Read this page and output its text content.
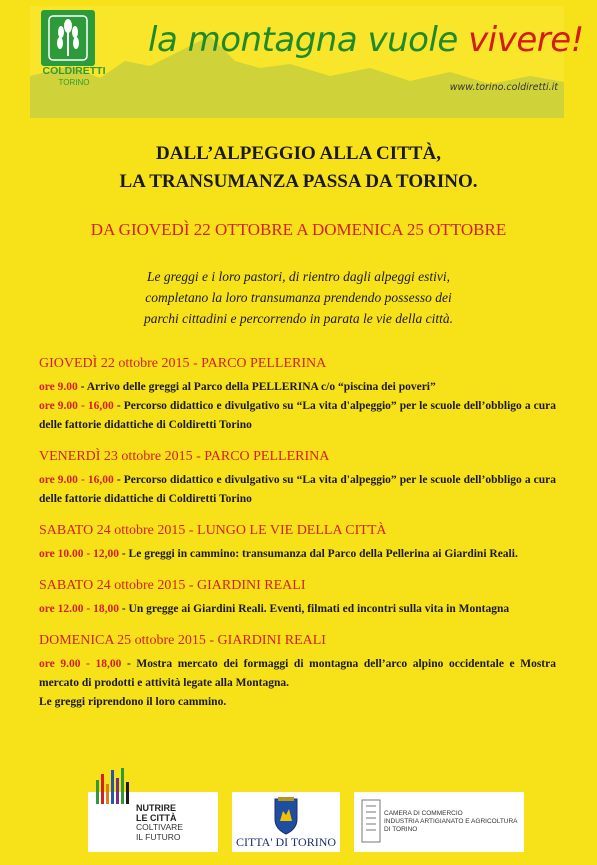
COLDIRETTI
TORINO
la montagna vuole vivere!
www.torino.coldiretti.it
DALL’ALPEGGIO ALLA CITTÀ,
LA TRANSUMANZA PASSA DA TORINO.
DA GIOVEDÌ 22 OTTOBRE A DOMENICA 25 OTTOBRE
Le greggi e i loro pastori, di rientro dagli alpeggi estivi,
completano la loro transumanza prendendo possesso dei
parchi cittadini e percorrendo in parata le vie della città.
GIOVEDÌ 22 ottobre 2015 - PARCO PELLERINA
ore 9.00 - Arrivo delle greggi al Parco della PELLERINA c/o “piscina dei poveri”
ore 9.00 - 16,00 - Percorso didattico e divulgativo su “La vita d'alpeggio” per le scuole dell’obbligo a cura delle fattorie didattiche di Coldiretti Torino
VENERDÌ 23 ottobre 2015 - PARCO PELLERINA
ore 9.00 - 16,00 - Percorso didattico e divulgativo su “La vita d'alpeggio” per le scuole dell’obbligo a cura delle fattorie didattiche di Coldiretti Torino
SABATO 24 ottobre 2015 - LUNGO LE VIE DELLA CITTÀ
ore 10.00 - 12,00 - Le greggi in cammino: transumanza dal Parco della Pellerina ai Giardini Reali.
SABATO 24 ottobre 2015 - GIARDINI REALI
ore 12.00 - 18,00 - Un gregge ai Giardini Reali. Eventi, filmati ed incontri sulla vita in Montagna
DOMENICA 25 ottobre 2015 - GIARDINI REALI
ore 9.00 - 18,00 - Mostra mercato dei formaggi di montagna dell’arco alpino occidentale e Mostra mercato di prodotti e attività legate alla Montagna.
Le greggi riprendono il loro cammino.
NUTRIRE
LE CITTÀ
COLTIVARE
IL FUTURO	CITTA' DI TORINO
CAMERA DI COMMERCIO
INDUSTRIA ARTIGIANATO E AGRICOLTURA
DI TORINO
